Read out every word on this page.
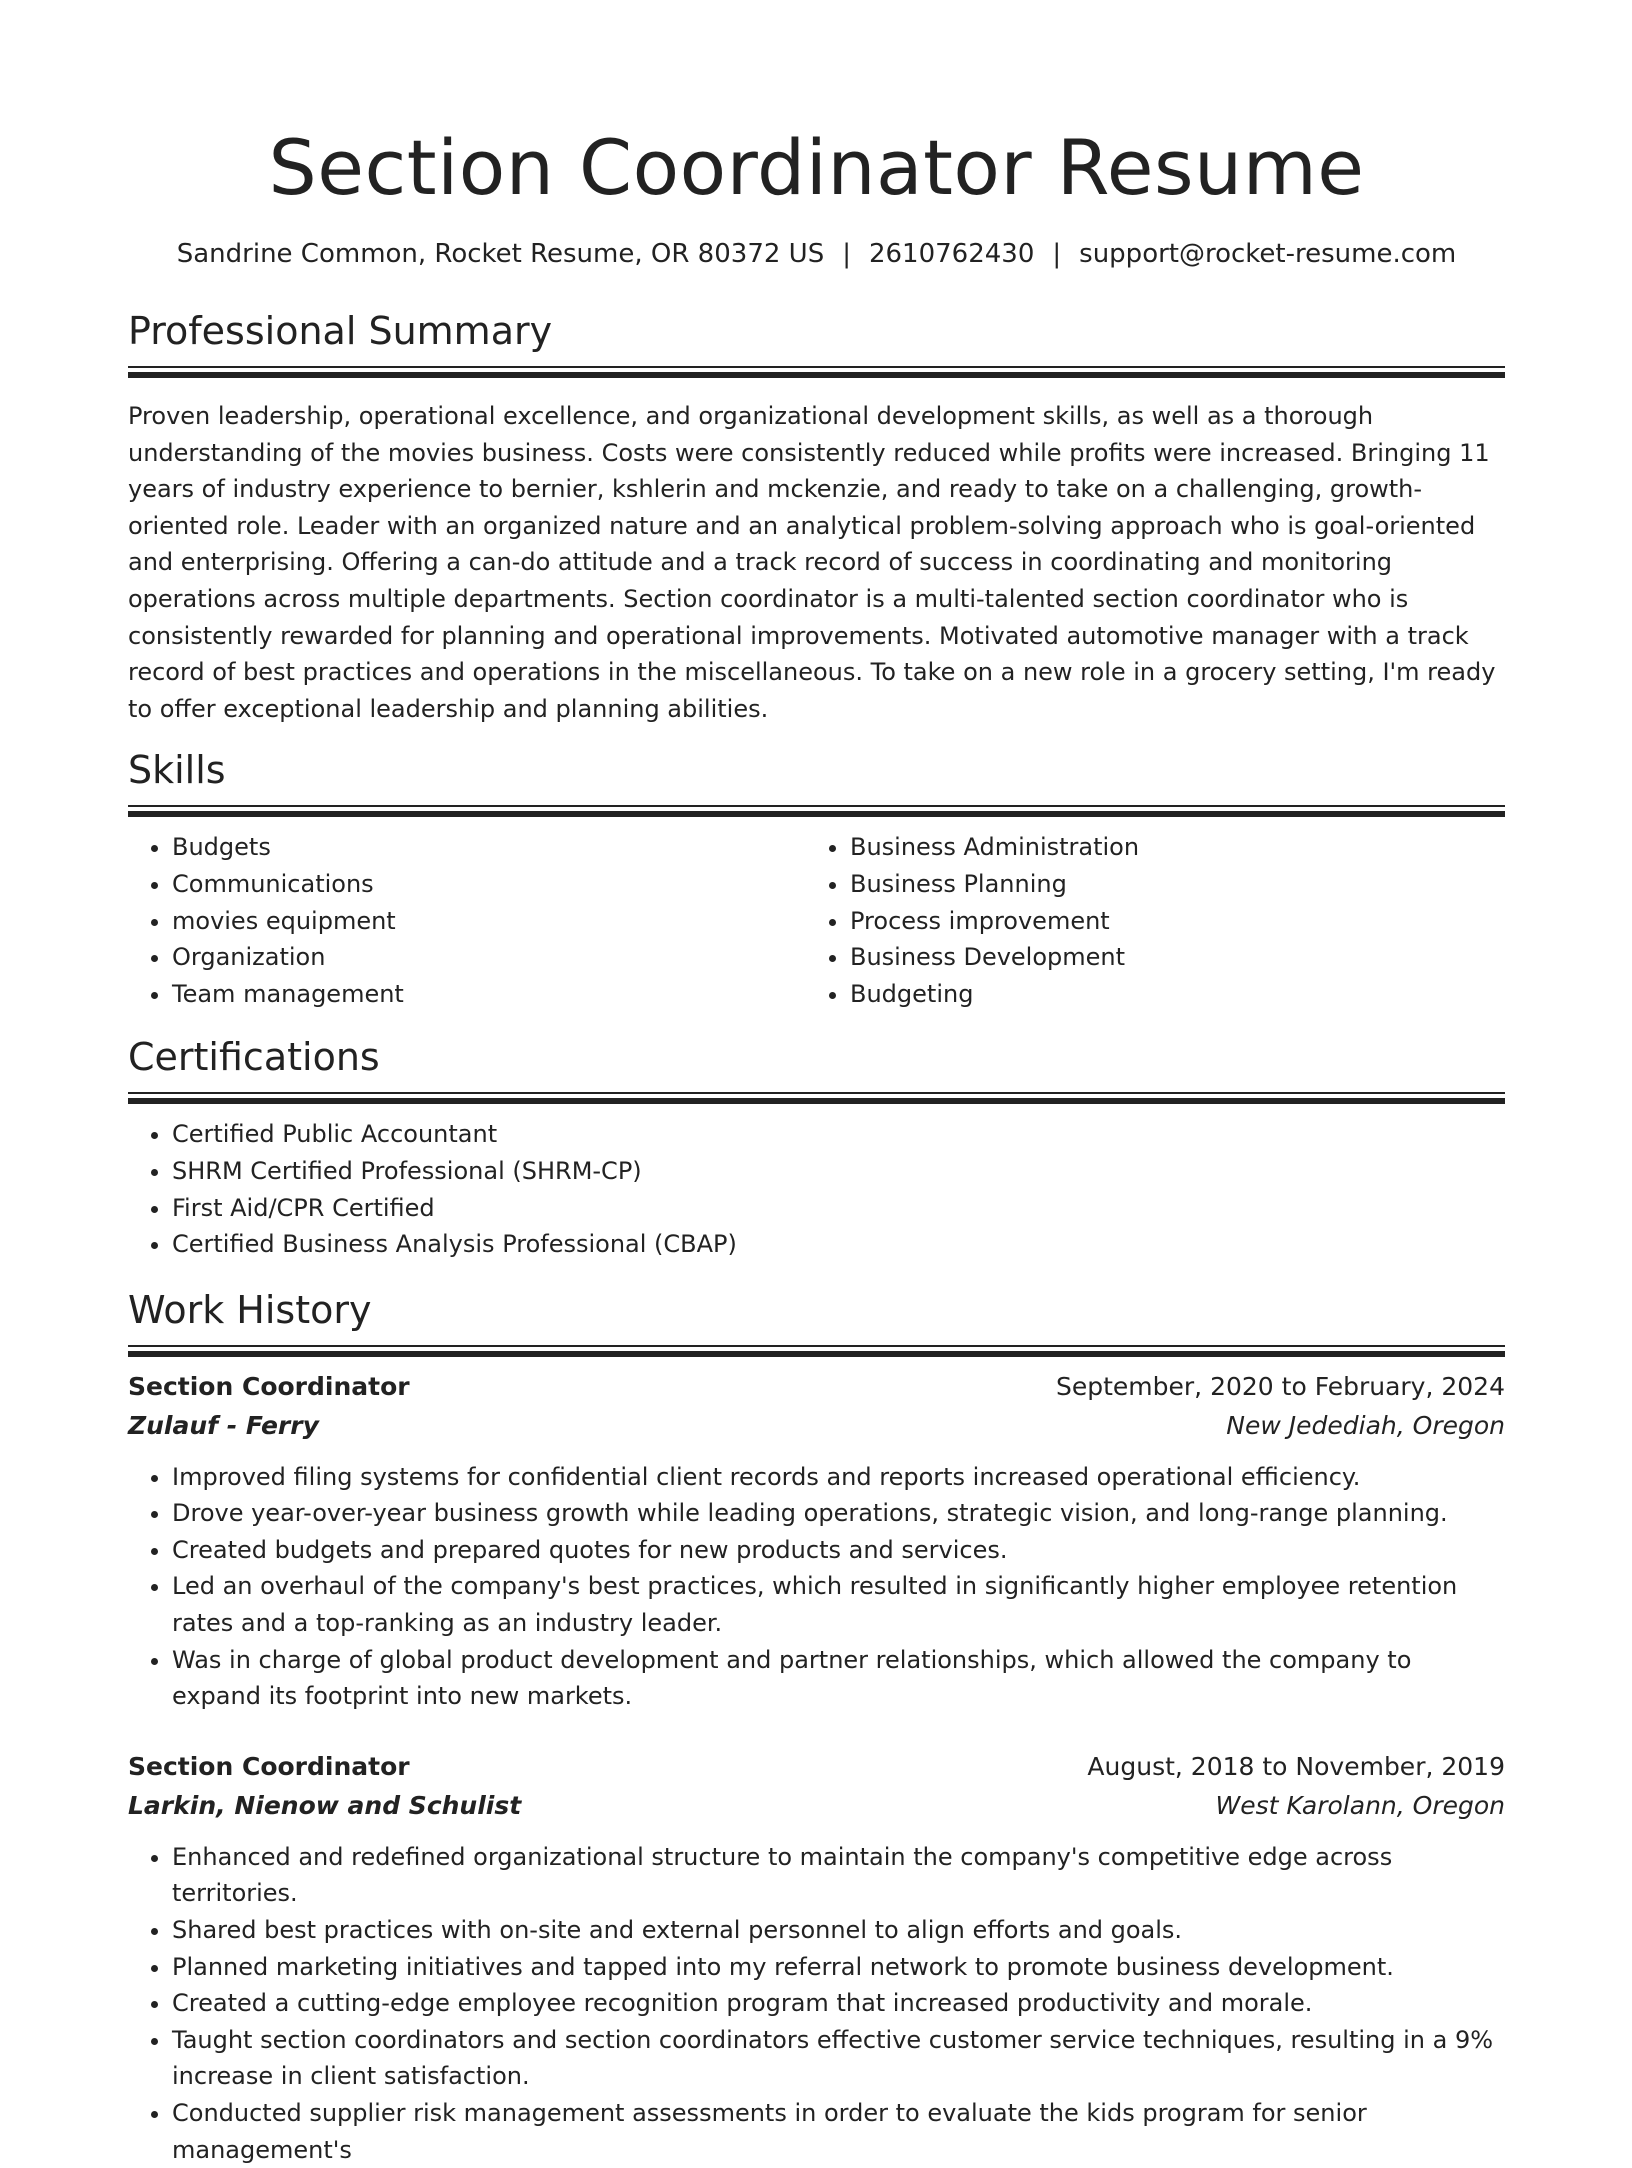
Section Coordinator Resume
Sandrine Common, Rocket Resume, OR 80372 US | 2610762430 | support@rocket-resume.com
Professional Summary
Proven leadership, operational excellence, and organizational development skills, as well as a thorough understanding of the movies business. Costs were consistently reduced while profits were increased. Bringing 11 years of industry experience to bernier, kshlerin and mckenzie, and ready to take on a challenging, growth-oriented role. Leader with an organized nature and an analytical problem-solving approach who is goal-oriented and enterprising. Offering a can-do attitude and a track record of success in coordinating and monitoring operations across multiple departments. Section coordinator is a multi-talented section coordinator who is consistently rewarded for planning and operational improvements. Motivated automotive manager with a track record of best practices and operations in the miscellaneous. To take on a new role in a grocery setting, I'm ready to offer exceptional leadership and planning abilities.
Skills
• Budgets
• Communications
• movies equipment
• Organization
• Team management
• Business Administration
• Business Planning
• Process improvement
• Business Development
• Budgeting
Certifications
• Certified Public Accountant
• SHRM Certified Professional (SHRM-CP)
• First Aid/CPR Certified
• Certified Business Analysis Professional (CBAP)
Work History
Section Coordinator	September, 2020 to February, 2024
Zulauf - Ferry	New Jedediah, Oregon
• Improved filing systems for confidential client records and reports increased operational efficiency.
• Drove year-over-year business growth while leading operations, strategic vision, and long-range planning.
• Created budgets and prepared quotes for new products and services.
• Led an overhaul of the company's best practices, which resulted in significantly higher employee retention rates and a top-ranking as an industry leader.
• Was in charge of global product development and partner relationships, which allowed the company to expand its footprint into new markets.
Section Coordinator	August, 2018 to November, 2019
Larkin, Nienow and Schulist	West Karolann, Oregon
• Enhanced and redefined organizational structure to maintain the company's competitive edge across territories.
• Shared best practices with on-site and external personnel to align efforts and goals.
• Planned marketing initiatives and tapped into my referral network to promote business development.
• Created a cutting-edge employee recognition program that increased productivity and morale.
• Taught section coordinators and section coordinators effective customer service techniques, resulting in a 9% increase in client satisfaction.
• Conducted supplier risk management assessments in order to evaluate the kids program for senior management's
